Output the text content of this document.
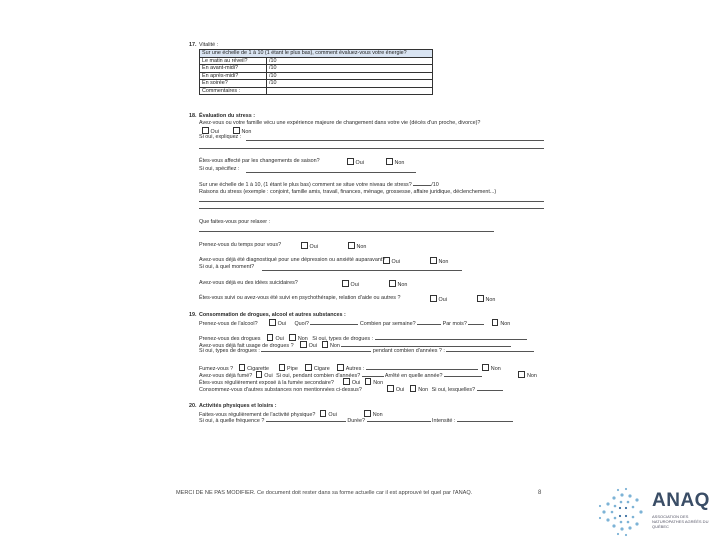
17. Vitalité :
Sur une échelle de 1 à 10 (1 étant le plus bas), comment évaluez-vous votre énergie?	
Le matin au réveil?	/10
En avant-midi?	/10
En après-midi?	/10
En soirée?	/10
Commentaires :	
18. Évaluation du stress :
Avez-vous ou votre famille vécu une expérience majeure de changement dans votre vie (décès d'un proche, divorce)?
Oui	Non
Si oui, expliquez :
Êtes-vous affecté par les changements de saison?	Oui	Non
Si oui, spécifiez :
Sur une échelle de 1 à 10, (1 étant le plus bas) comment se situe votre niveau de stress?	/10
Raisons du stress (exemple : conjoint, famille amis, travail, finances, ménage, grossesse, affaire juridique, déclenchement...)
Que faites-vous pour relaxer :
Prenez-vous du temps pour vous?	Oui	Non
Avez-vous déjà été diagnostiqué pour une dépression ou anxiété auparavant?	Oui	Non
Si oui, à quel moment?
Avez-vous déjà eu des idées suicidaires?	Oui	Non
Êtes-vous suivi ou avez-vous été suivi en psychothérapie, relation d'aide ou autres ?	Oui	Non
19. Consommation de drogues, alcool et autres substances :
Prenez-vous de l'alcool?	Oui Quoi?	Combien par semaine?	Par mois?	Non
Prenez-vous des drogues	Oui	Non Si oui, types de drogues :
Avez-vous déjà fait usage de drogues ?	Oui Non
Si oui, types de drogues :	pendant combien d'années ? :
Fumez-vous ?	Cigarette	Pipe	Cigare	Autres :	Non
Avez-vous déjà fumé? Oui Si oui, pendant combien d'années?	Arrêté en quelle année?	Non
Êtes-vous régulièrement exposé à la fumée secondaire?	Oui Non
Consommez-vous d'autres substances non mentionnées ci-dessus?	Oui	Non Si oui, lesquelles?
20. Activités physiques et loisirs :
Faites-vous régulièrement de l'activité physique? Oui	Non
Si oui, à quelle fréquence ?	Durée?	Intensité :
MERCI DE NE PAS MODIFIER. Ce document doit rester dans sa forme actuelle car il est approuvé tel quel par l'ANAQ.	8	ANAQ
ASSOCIATION DES NATUROPATHES AGRÉÉS DU QUÉBEC
